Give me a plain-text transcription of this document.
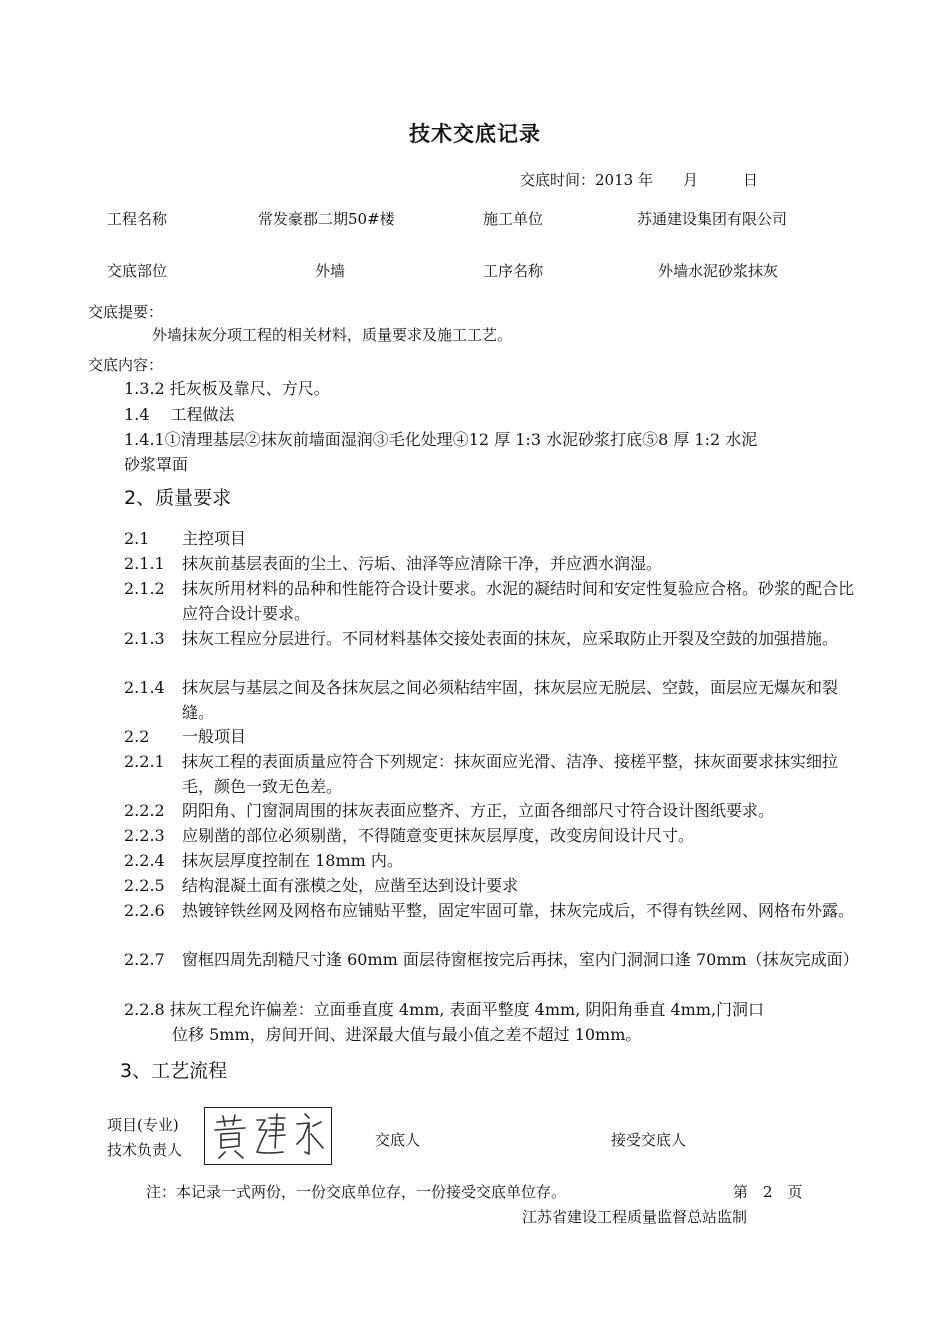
技术交底记录
交底时间：2013 年　　月　　　日
工程名称	常发豪郡二期50#楼	施工单位	苏通建设集团有限公司
交底部位	外墙	工序名称	外墙水泥砂浆抹灰
交底提要：
外墙抹灰分项工程的相关材料，质量要求及施工工艺。
交底内容：
1.3.2 托灰板及靠尺、方尺。
1.4　 工程做法
1.4.1①清理基层②抹灰前墙面湿润③毛化处理④12 厚 1:3 水泥砂浆打底⑤8 厚 1:2 水泥
砂浆罩面
2、质量要求
2.1	主控项目
2.1.1	抹灰前基层表面的尘土、污垢、油泽等应清除干净，并应洒水润湿。
2.1.2	抹灰所用材料的品种和性能符合设计要求。水泥的凝结时间和安定性复验应合格。砂浆的配合比应符合设计要求。
2.1.3	抹灰工程应分层进行。不同材料基体交接处表面的抹灰，应采取防止开裂及空鼓的加强措施。
2.1.4	抹灰层与基层之间及各抹灰层之间必须粘结牢固，抹灰层应无脱层、空鼓，面层应无爆灰和裂缝。
2.2	一般项目
2.2.1	抹灰工程的表面质量应符合下列规定：抹灰面应光滑、洁净、接槎平整，抹灰面要求抹实细拉毛，颜色一致无色差。
2.2.2	阴阳角、门窗洞周围的抹灰表面应整齐、方正，立面各细部尺寸符合设计图纸要求。
2.2.3	应剔凿的部位必须剔凿，不得随意变更抹灰层厚度，改变房间设计尺寸。
2.2.4	抹灰层厚度控制在 18mm 内。
2.2.5	结构混凝土面有涨模之处，应凿至达到设计要求
2.2.6	热镀锌铁丝网及网格布应铺贴平整，固定牢固可靠，抹灰完成后，不得有铁丝网、网格布外露。
2.2.7	窗框四周先刮糙尺寸逢 60mm 面层待窗框按完后再抹，室内门洞洞口逢 70mm（抹灰完成面）
2.2.8 抹灰工程允许偏差：立面垂直度 4mm, 表面平整度 4mm, 阴阳角垂直 4mm,门洞口
位移 5mm，房间开间、进深最大值与最小值之差不超过 10mm。
3、工艺流程
项目(专业)
技术负责人
交底人	接受交底人
注：本记录一式两份，一份交底单位存，一份接受交底单位存。	第　2　页
江苏省建设工程质量监督总站监制
